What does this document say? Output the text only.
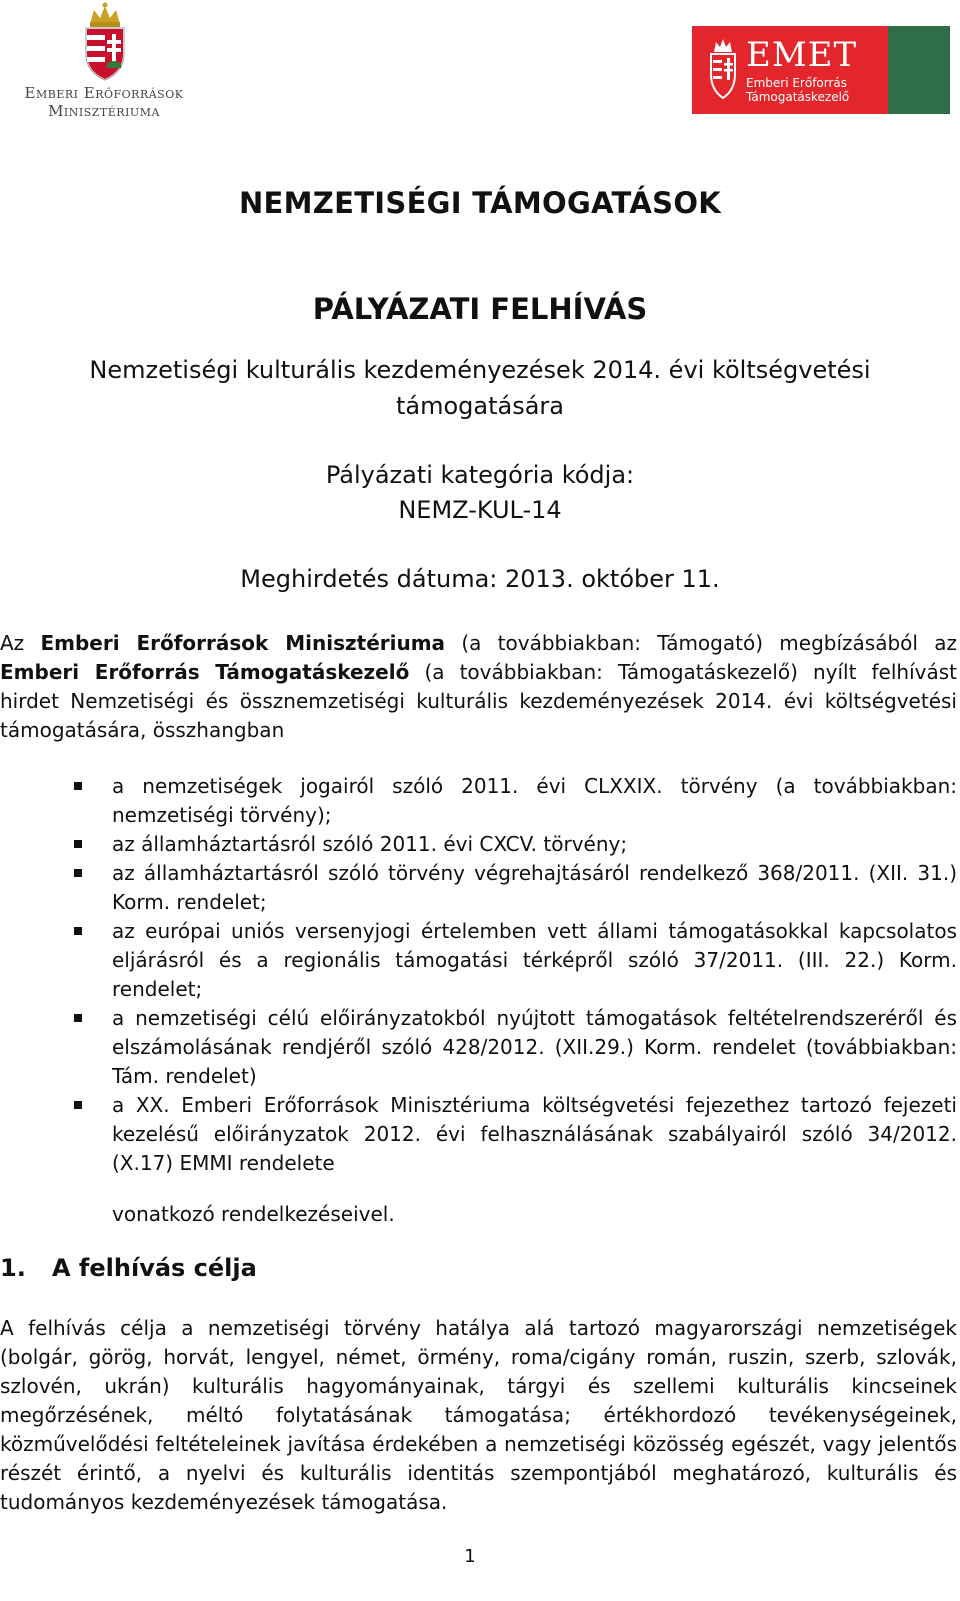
Emberi Erőforrások
Minisztériuma
EMET
Emberi Erőforrás
Támogatáskezelő
NEMZETISÉGI TÁMOGATÁSOK
PÁLYÁZATI FELHÍVÁS
Nemzetiségi kulturális kezdeményezések 2014. évi költségvetési
támogatására
Pályázati kategória kódja:
NEMZ-KUL-14
Meghirdetés dátuma: 2013. október 11.
Az Emberi Erőforrások Minisztériuma (a továbbiakban: Támogató) megbízásából az Emberi Erőforrás Támogatáskezelő (a továbbiakban: Támogatáskezelő) nyílt felhívást hirdet Nemzetiségi és össznemzetiségi kulturális kezdeményezések 2014. évi költségvetési támogatására, összhangban
a nemzetiségek jogairól szóló 2011. évi CLXXIX. törvény (a továbbiakban: nemzetiségi törvény);
az államháztartásról szóló 2011. évi CXCV. törvény;
az államháztartásról szóló törvény végrehajtásáról rendelkező 368/2011. (XII. 31.) Korm. rendelet;
az európai uniós versenyjogi értelemben vett állami támogatásokkal kapcsolatos eljárásról és a regionális támogatási térképről szóló 37/2011. (III. 22.) Korm. rendelet;
a nemzetiségi célú előirányzatokból nyújtott támogatások feltételrendszeréről és elszámolásának rendjéről szóló 428/2012. (XII.29.) Korm. rendelet (továbbiakban: Tám. rendelet)
a XX. Emberi Erőforrások Minisztériuma költségvetési fejezethez tartozó fejezeti kezelésű előirányzatok 2012. évi felhasználásának szabályairól szóló 34/2012. (X.17) EMMI rendelete
vonatkozó rendelkezéseivel.
1. A felhívás célja
A felhívás célja a nemzetiségi törvény hatálya alá tartozó magyarországi nemzetiségek (bolgár, görög, horvát, lengyel, német, örmény, roma/cigány román, ruszin, szerb, szlovák, szlovén, ukrán) kulturális hagyományainak, tárgyi és szellemi kulturális kincseinek megőrzésének, méltó folytatásának támogatása; értékhordozó tevékenységeinek, közművelődési feltételeinek javítása érdekében a nemzetiségi közösség egészét, vagy jelentős részét érintő, a nyelvi és kulturális identitás szempontjából meghatározó, kulturális és tudományos kezdeményezések támogatása.
1
